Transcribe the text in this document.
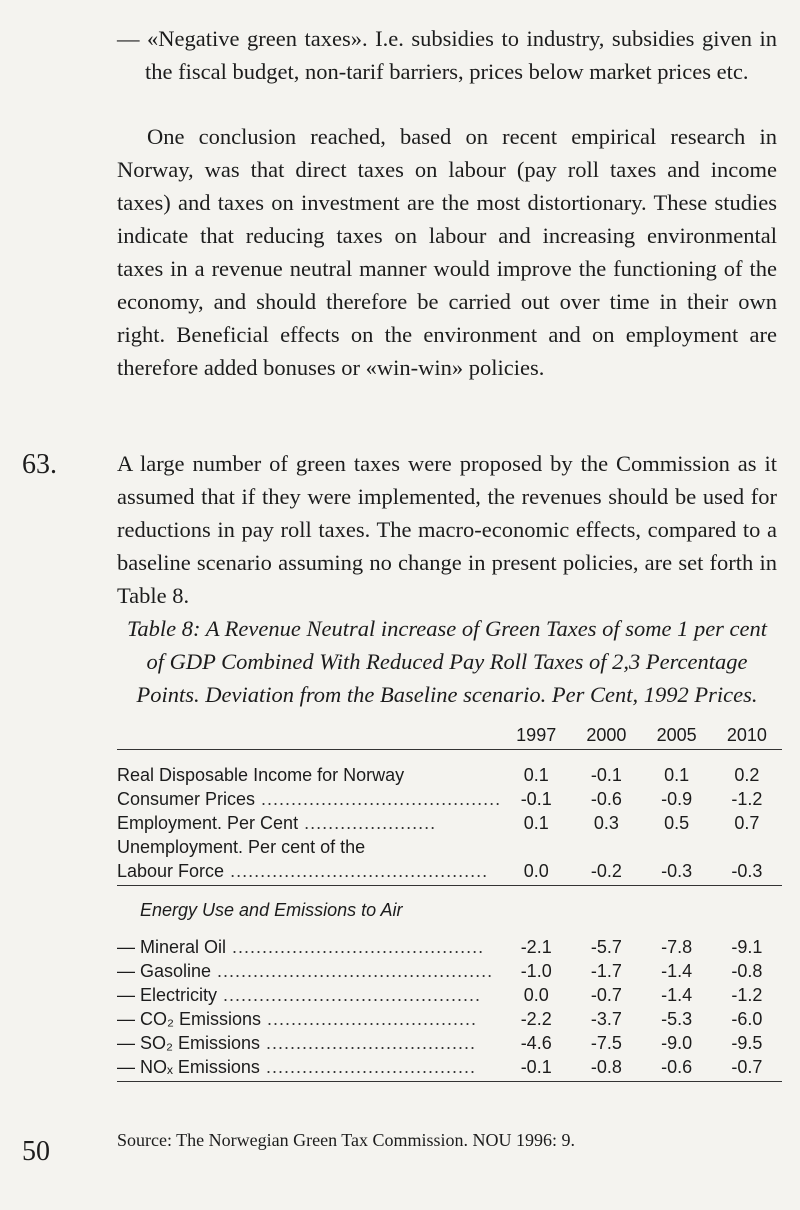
— «Negative green taxes». I.e. subsidies to industry, subsidies given in the fiscal budget, non-tarif barriers, prices below market prices etc.

One conclusion reached, based on recent empirical research in Norway, was that direct taxes on labour (pay roll taxes and income taxes) and taxes on investment are the most distortionary. These studies indicate that reducing taxes on labour and increasing environmental taxes in a revenue neutral manner would improve the functioning of the economy, and should therefore be carried out over time in their own right. Beneficial effects on the environment and on employment are therefore added bonuses or «win-win» policies.

63.	A large number of green taxes were proposed by the Commission as it assumed that if they were implemented, the revenues should be used for reductions in pay roll taxes. The macro-economic effects, compared to a baseline scenario assuming no change in present policies, are set forth in Table 8.

Table 8: A Revenue Neutral increase of Green Taxes of some 1 per cent of GDP Combined With Reduced Pay Roll Taxes of 2,3 Percentage Points. Deviation from the Baseline scenario. Per Cent, 1992 Prices.

	1997	2000	2005	2010

Real Disposable Income for Norway	0.1	-0.1	0.1	0.2
Consumer Prices ........................................	-0.1	-0.6	-0.9	-1.2
Employment. Per Cent ......................	0.1	0.3	0.5	0.7
Unemployment. Per cent of the				
Labour Force ...........................................	0.0	-0.2	-0.3	-0.3
Energy Use and Emissions to Air				
— Mineral Oil ..........................................	-2.1	-5.7	-7.8	-9.1
— Gasoline ..............................................	-1.0	-1.7	-1.4	-0.8
— Electricity ...........................................	0.0	-0.7	-1.4	-1.2
— CO₂ Emissions ...................................	-2.2	-3.7	-5.3	-6.0
— SO₂ Emissions ...................................	-4.6	-7.5	-9.0	-9.5
— NOₓ Emissions ...................................	-0.1	-0.8	-0.6	-0.7
Source: The Norwegian Green Tax Commission. NOU 1996: 9.
50
